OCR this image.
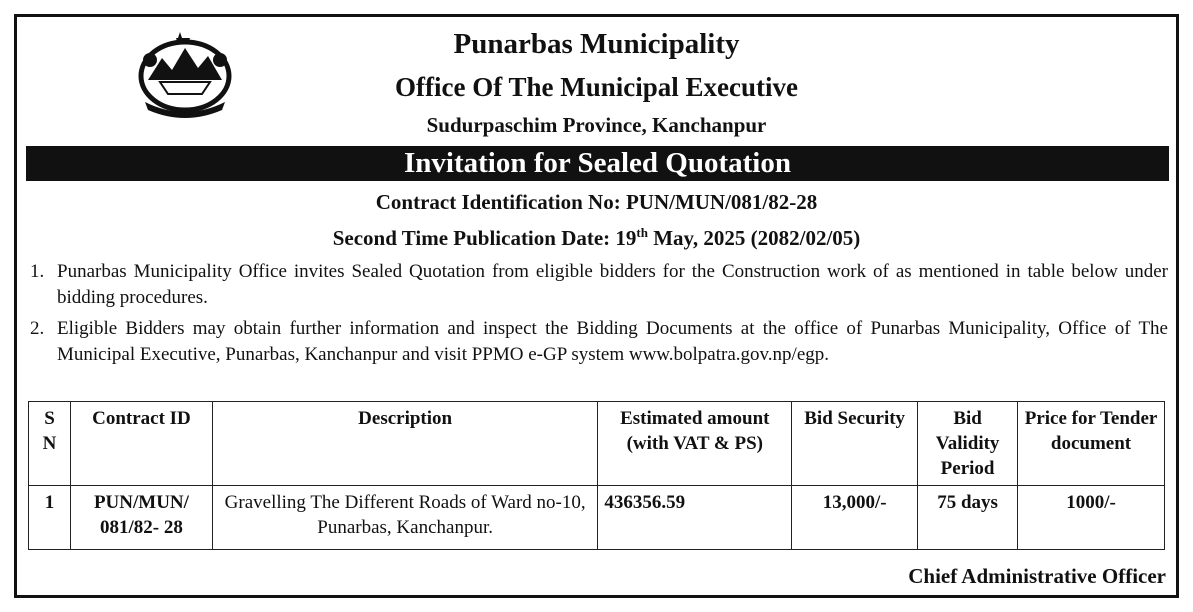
Punarbas Municipality
Office Of The Municipal Executive
Sudurpaschim Province, Kanchanpur
Invitation for Sealed Quotation
Contract Identification No: PUN/MUN/081/82-28
Second Time Publication Date: 19th May, 2025 (2082/02/05)
1. Punarbas Municipality Office invites Sealed Quotation from eligible bidders for the Construction work of as mentioned in table below under bidding procedures.
2. Eligible Bidders may obtain further information and inspect the Bidding Documents at the office of Punarbas Municipality, Office of The Municipal Executive, Punarbas, Kanchanpur and visit PPMO e-GP system www.bolpatra.gov.np/egp.
S N	Contract ID	Description	Estimated amount (with VAT & PS)	Bid Security	Bid Validity Period	Price for Tender document
1	PUN/MUN/ 081/82- 28	Gravelling The Different Roads of Ward no-10, Punarbas, Kanchanpur.	436356.59	13,000/-	75 days	1000/-
Chief Administrative Officer
